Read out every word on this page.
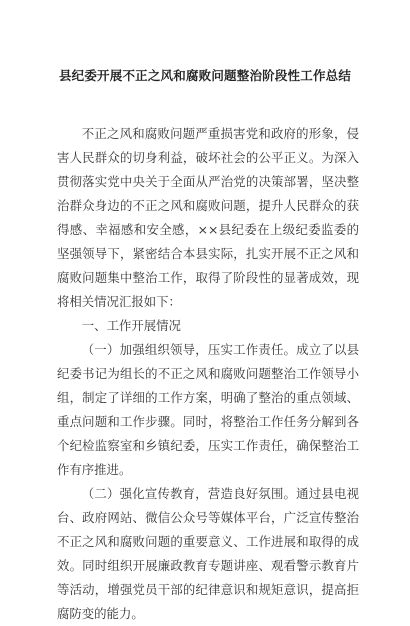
县纪委开展不正之风和腐败问题整治阶段性工作总结

不正之风和腐败问题严重损害党和政府的形象，侵害人民群众的切身利益，破坏社会的公平正义。为深入贯彻落实党中央关于全面从严治党的决策部署，坚决整治群众身边的不正之风和腐败问题，提升人民群众的获得感、幸福感和安全感，××县纪委在上级纪委监委的坚强领导下，紧密结合本县实际，扎实开展不正之风和腐败问题集中整治工作，取得了阶段性的显著成效，现将相关情况汇报如下：

一、工作开展情况

（一）加强组织领导，压实工作责任。成立了以县纪委书记为组长的不正之风和腐败问题整治工作领导小组，制定了详细的工作方案，明确了整治的重点领域、重点问题和工作步骤。同时，将整治工作任务分解到各个纪检监察室和乡镇纪委，压实工作责任，确保整治工作有序推进。

（二）强化宣传教育，营造良好氛围。通过县电视台、政府网站、微信公众号等媒体平台，广泛宣传整治不正之风和腐败问题的重要意义、工作进展和取得的成效。同时组织开展廉政教育专题讲座、观看警示教育片等活动，增强党员干部的纪律意识和规矩意识，提高拒腐防变的能力。
